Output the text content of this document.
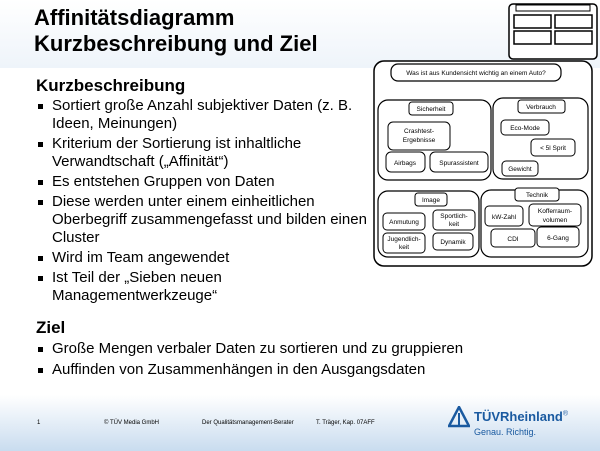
Affinitätsdiagramm
Kurzbeschreibung und Ziel
Kurzbeschreibung
Sortiert große Anzahl subjektiver Daten (z. B. Ideen, Meinungen)
Kriterium der Sortierung ist inhaltliche Verwandtschaft („Affinität“)
Es entstehen Gruppen von Daten
Diese werden unter einem einheitlichen Oberbegriff zusammengefasst und bilden einen Cluster
Wird im Team angewendet
Ist Teil der „Sieben neuen Managementwerkzeuge“
Ziel
Große Mengen verbaler Daten zu sortieren und zu gruppieren
Auffinden von Zusammenhängen in den Ausgangsdaten
Was ist aus Kundensicht wichtig an einem Auto?
Sicherheit
Crashtest-
Ergebnisse
Airbags	Spurassistent
Verbrauch
Eco-Mode
< 5l Sprit
Gewicht
Image
Anmutung
Sportlich-
keit
Jugendlich-
keit
Dynamik
Technik
kW-Zahl
Kofferraum-
volumen
CDI	6-Gang
1	© TÜV Media GmbH	Der Qualitätsmanagement-Berater	T. Träger, Kap. 07AFF	TÜVRheinland®
Genau. Richtig.
